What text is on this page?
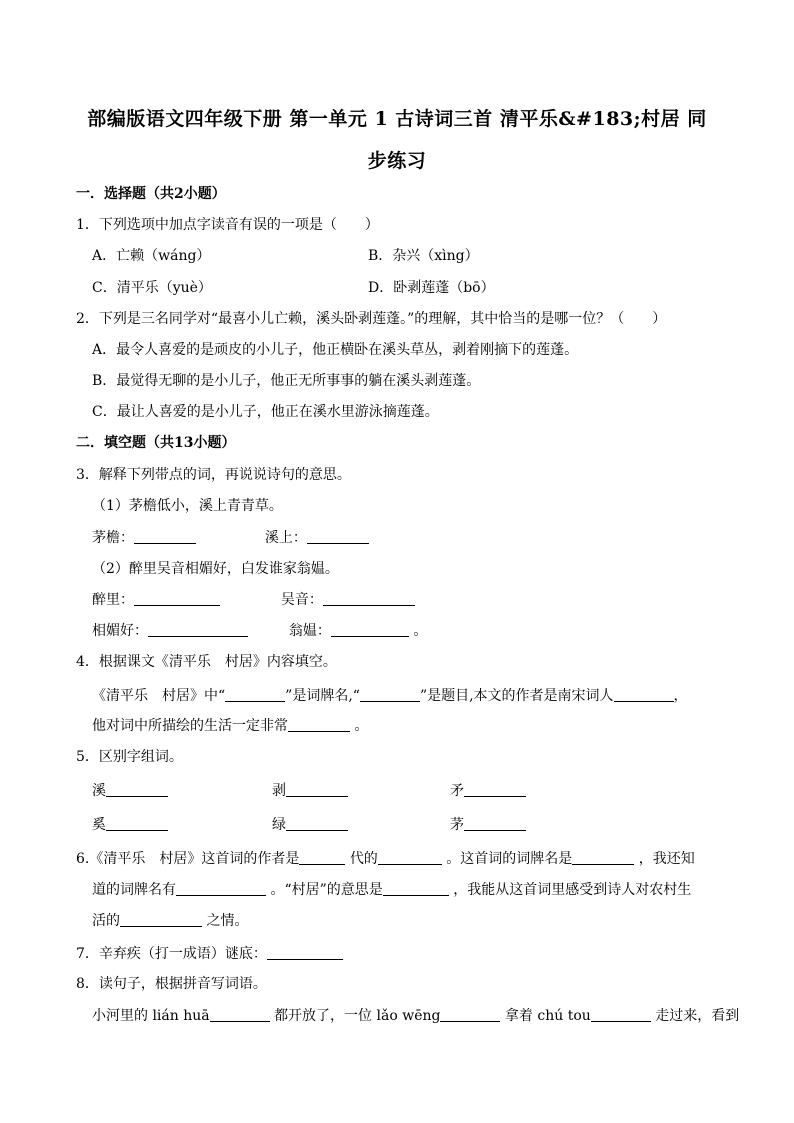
部编版语文四年级下册 第一单元 1 古诗词三首 清平乐&#183;村居 同
步练习
一．选择题（共2小题）
1．下列选项中加点字读音有误的一项是（　　）
A．亡赖（wáng）	B．杂兴（xìng）
C．清平乐（yuè）	D．卧剥莲蓬（bō）
2．下列是三名同学对“最喜小儿亡赖，溪头卧剥莲蓬。”的理解，其中恰当的是哪一位？（　　）
A．最令人喜爱的是顽皮的小儿子，他正横卧在溪头草丛，剥着刚摘下的莲蓬。
B．最觉得无聊的是小儿子，他正无所事事的躺在溪头剥莲蓬。
C．最让人喜爱的是小儿子，他正在溪水里游泳摘莲蓬。
二．填空题（共13小题）
3．解释下列带点的词，再说说诗句的意思。
（1）茅檐低小，溪上青青草。
茅檐：	溪上：
（2）醉里吴音相媚好，白发谁家翁媪。
醉里：	吴音：
相媚好：	翁媪：	。
4．根据课文《清平乐　村居》内容填空。
《清平乐　村居》中“	”是词牌名,“	”是题目,本文的作者是南宋词人	，
他对词中所描绘的生活一定非常	。
5．区别字组词。
溪	剥	矛
奚	绿	茅
6.《清平乐　村居》这首词的作者是	代的	。这首词的词牌名是	，我还知
道的词牌名有	。“村居”的意思是	，我能从这首词里感受到诗人对农村生
活的	之情。
7．辛弃疾（打一成语）谜底：
8．读句子，根据拼音写词语。
小河里的 lián huā	都开放了，一位 lǎo wēng	拿着 chú tou	走过来，看到
